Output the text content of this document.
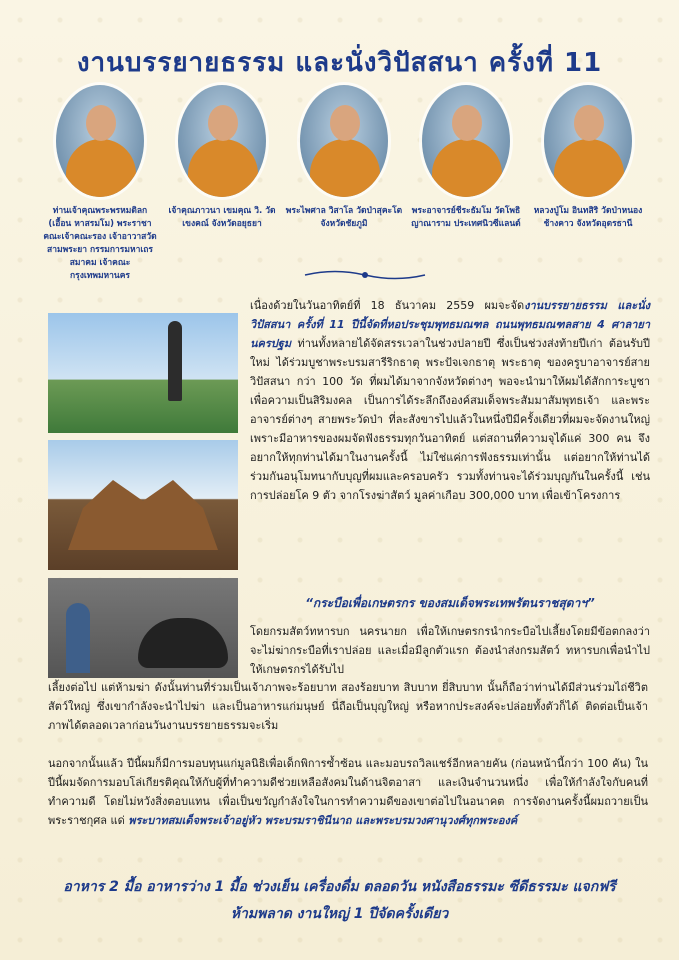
งานบรรยายธรรม และนั่งวิปัสสนา ครั้งที่ 11
ท่านเจ้าคุณพระพรหมดิลก (เอื้อน หาสรมโม) พระราชาคณะเจ้าคณะรอง เจ้าอาวาสวัดสามพระยา กรรมการมหาเถรสมาคม เจ้าคณะกรุงเทพมหานคร
เจ้าคุณภาวนา เขมคุณ วิ. วัดเขงคณ์ จังหวัดอยุธยา
พระไพศาล วิสาโล วัดป่าสุคะโต จังหวัดชัยภูมิ
พระอาจารย์ชีระธัมโม วัดโพธิญาณาราม ประเทศนิวซีแลนด์
หลวงปู่โม อินทสิริ วัดป่าหนองช้างคาว จังหวัดอุดรธานี
เนื่องด้วยในวันอาทิตย์ที่ 18 ธันวาคม 2559 ผมจะจัดงานบรรยายธรรม และนั่งวิปัสสนา ครั้งที่ 11 ปีนี้จัดที่หอประชุมพุทธมณฑล ถนนพุทธมณฑลสาย 4 ศาลายา นครปฐม ท่านทั้งหลายได้จัดสรรเวลาในช่วงปลายปี ซึ่งเป็นช่วงส่งท้ายปีเก่า ต้อนรับปีใหม่ ได้ร่วมบูชาพระบรมสารีริกธาตุ พระปัจเจกธาตุ พระธาตุ ของครูบาอาจารย์สายวิปัสสนา กว่า 100 วัด ที่ผมได้มาจากจังหวัดต่างๆ พอจะนำมาให้ผมได้สักการะบูชาเพื่อความเป็นสิริมงคล เป็นการได้ระลึกถึงองค์สมเด็จพระสัมมาสัมพุทธเจ้า และพระอาจารย์ต่างๆ สายพระวัดป่า ที่ละสังขารไปแล้วในหนึ่งปีมีครั้งเดียวที่ผมจะจัดงานใหญ่ เพราะมีอาหารของผมจัดฟังธรรมทุกวันอาทิตย์ แต่สถานที่ความจุได้แค่ 300 คน จึงอยากให้ทุกท่านได้มาในงานครั้งนี้ ไม่ใช่แค่การฟังธรรมเท่านั้น แต่อยากให้ท่านได้ร่วมกันอนุโมทนากับบุญที่ผมและครอบครัว รวมทั้งท่านจะได้ร่วมบุญกันในครั้งนี้ เช่นการปล่อยโค 9 ตัว จากโรงฆ่าสัตว์ มูลค่าเกือบ 300,000 บาท เพื่อเข้าโครงการ
“กระบือเพื่อเกษตรกร ของสมเด็จพระเทพรัตนราชสุดาฯ”
โดยกรมสัตว์ทหารบก นครนายก เพื่อให้เกษตรกรนำกระบือไปเลี้ยงโดยมีข้อตกลงว่า จะไม่ฆ่ากระบือที่เราปล่อย และเมื่อมีลูกตัวแรก ต้องนำส่งกรมสัตว์ ทหารบกเพื่อนำไปให้เกษตรกรได้รับไป
เลี้ยงต่อไป แต่ห้ามฆ่า ดังนั้นท่านที่ร่วมเป็นเจ้าภาพจะร้อยบาท สองร้อยบาท สิบบาท ยี่สิบบาท นั้นก็ถือว่าท่านได้มีส่วนร่วมไถ่ชีวิตสัตว์ใหญ่ ซึ่งเขากำลังจะนำไปฆ่า และเป็นอาหารแก่มนุษย์ นี่ถือเป็นบุญใหญ่ หรือหากประสงค์จะปล่อยทั้งตัวก็ได้ ติดต่อเป็นเจ้าภาพได้ตลอดเวลาก่อนวันงานบรรยายธรรมจะเริ่ม
นอกจากนั้นแล้ว ปีนี้ผมก็มีการมอบทุนแก่มูลนิธิเพื่อเด็กพิการซ้ำซ้อน และมอบรถวิลแชร์อีกหลายคัน (ก่อนหน้านี้กว่า 100 คัน) ในปีนี้ผมจัดการมอบโล่เกียรติคุณให้กับผู้ที่ทำความดีช่วยเหลือสังคมในด้านจิตอาสา และเงินจำนวนหนึ่ง เพื่อให้กำลังใจกับคนที่ทำความดี โดยไม่หวังสิ่งตอบแทน เพื่อเป็นขวัญกำลังใจในการทำความดีของเขาต่อไปในอนาคต การจัดงานครั้งนี้ผมถวายเป็นพระราชกุศล แด่ พระบาทสมเด็จพระเจ้าอยู่หัว พระบรมราชินีนาถ และพระบรมวงศานุวงศ์ทุกพระองค์
อาหาร 2 มื้อ อาหารว่าง 1 มื้อ ช่วงเย็น เครื่องดื่ม ตลอดวัน หนังสือธรรมะ ซีดีธรรมะ แจกฟรี
ห้ามพลาด งานใหญ่ 1 ปีจัดครั้งเดียว
